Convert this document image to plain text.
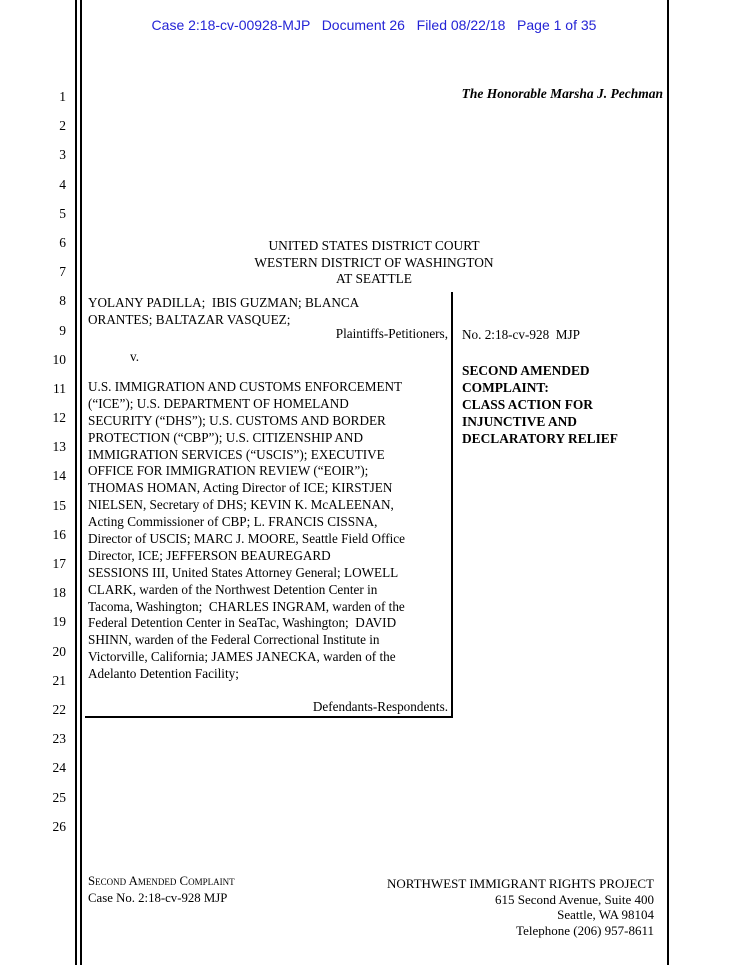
Case 2:18-cv-00928-MJP   Document 26   Filed 08/22/18   Page 1 of 35
The Honorable Marsha J. Pechman
1
2
3
4
5
6
7
8
9
10
11
12
13
14
15
16
17
18
19
20
21
22
23
24
25
26
UNITED STATES DISTRICT COURT
WESTERN DISTRICT OF WASHINGTON
AT SEATTLE
YOLANY PADILLA;  IBIS GUZMAN; BLANCA
ORANTES; BALTAZAR VASQUEZ;
Plaintiffs-Petitioners,
v.
U.S. IMMIGRATION AND CUSTOMS ENFORCEMENT
(“ICE”); U.S. DEPARTMENT OF HOMELAND
SECURITY (“DHS”); U.S. CUSTOMS AND BORDER
PROTECTION (“CBP”); U.S. CITIZENSHIP AND
IMMIGRATION SERVICES (“USCIS”); EXECUTIVE
OFFICE FOR IMMIGRATION REVIEW (“EOIR”);
THOMAS HOMAN, Acting Director of ICE; KIRSTJEN
NIELSEN, Secretary of DHS; KEVIN K. McALEENAN,
Acting Commissioner of CBP; L. FRANCIS CISSNA,
Director of USCIS; MARC J. MOORE, Seattle Field Office
Director, ICE; JEFFERSON BEAUREGARD
SESSIONS III, United States Attorney General; LOWELL
CLARK, warden of the Northwest Detention Center in
Tacoma, Washington;  CHARLES INGRAM, warden of the
Federal Detention Center in SeaTac, Washington;  DAVID
SHINN, warden of the Federal Correctional Institute in
Victorville, California; JAMES JANECKA, warden of the
Adelanto Detention Facility;
Defendants-Respondents.
No. 2:18-cv-928  MJP
SECOND AMENDED
COMPLAINT:
CLASS ACTION FOR
INJUNCTIVE AND
DECLARATORY RELIEF
Second Amended Complaint
Case No. 2:18-cv-928 MJP
NORTHWEST IMMIGRANT RIGHTS PROJECT
615 Second Avenue, Suite 400
Seattle, WA 98104
Telephone (206) 957-8611
